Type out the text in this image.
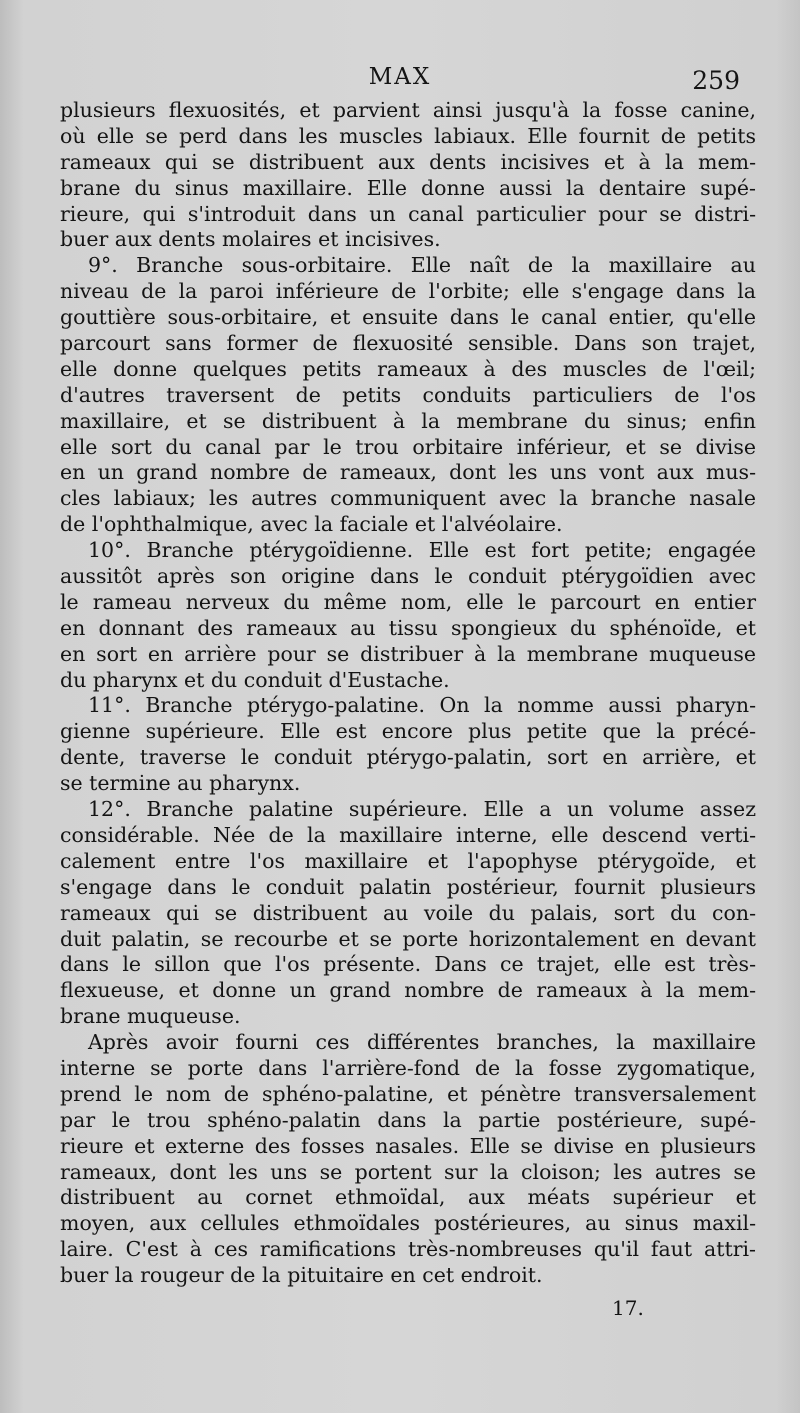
MAX	259
plusieurs flexuosités, et parvient ainsi jusqu'à la fosse canine,
où elle se perd dans les muscles labiaux. Elle fournit de petits
rameaux qui se distribuent aux dents incisives et à la mem-
brane du sinus maxillaire. Elle donne aussi la dentaire supé-
rieure, qui s'introduit dans un canal particulier pour se distri-
buer aux dents molaires et incisives.
9°. Branche sous-orbitaire. Elle naît de la maxillaire au
niveau de la paroi inférieure de l'orbite; elle s'engage dans la
gouttière sous-orbitaire, et ensuite dans le canal entier, qu'elle
parcourt sans former de flexuosité sensible. Dans son trajet,
elle donne quelques petits rameaux à des muscles de l'œil;
d'autres traversent de petits conduits particuliers de l'os
maxillaire, et se distribuent à la membrane du sinus; enfin
elle sort du canal par le trou orbitaire inférieur, et se divise
en un grand nombre de rameaux, dont les uns vont aux mus-
cles labiaux; les autres communiquent avec la branche nasale
de l'ophthalmique, avec la faciale et l'alvéolaire.
10°. Branche ptérygoïdienne. Elle est fort petite; engagée
aussitôt après son origine dans le conduit ptérygoïdien avec
le rameau nerveux du même nom, elle le parcourt en entier
en donnant des rameaux au tissu spongieux du sphénoïde, et
en sort en arrière pour se distribuer à la membrane muqueuse
du pharynx et du conduit d'Eustache.
11°. Branche ptérygo-palatine. On la nomme aussi pharyn-
gienne supérieure. Elle est encore plus petite que la précé-
dente, traverse le conduit ptérygo-palatin, sort en arrière, et
se termine au pharynx.
12°. Branche palatine supérieure. Elle a un volume assez
considérable. Née de la maxillaire interne, elle descend verti-
calement entre l'os maxillaire et l'apophyse ptérygoïde, et
s'engage dans le conduit palatin postérieur, fournit plusieurs
rameaux qui se distribuent au voile du palais, sort du con-
duit palatin, se recourbe et se porte horizontalement en devant
dans le sillon que l'os présente. Dans ce trajet, elle est très-
flexueuse, et donne un grand nombre de rameaux à la mem-
brane muqueuse.
Après avoir fourni ces différentes branches, la maxillaire
interne se porte dans l'arrière-fond de la fosse zygomatique,
prend le nom de sphéno-palatine, et pénètre transversalement
par le trou sphéno-palatin dans la partie postérieure, supé-
rieure et externe des fosses nasales. Elle se divise en plusieurs
rameaux, dont les uns se portent sur la cloison; les autres se
distribuent au cornet ethmoïdal, aux méats supérieur et
moyen, aux cellules ethmoïdales postérieures, au sinus maxil-
laire. C'est à ces ramifications très-nombreuses qu'il faut attri-
buer la rougeur de la pituitaire en cet endroit.
17.
